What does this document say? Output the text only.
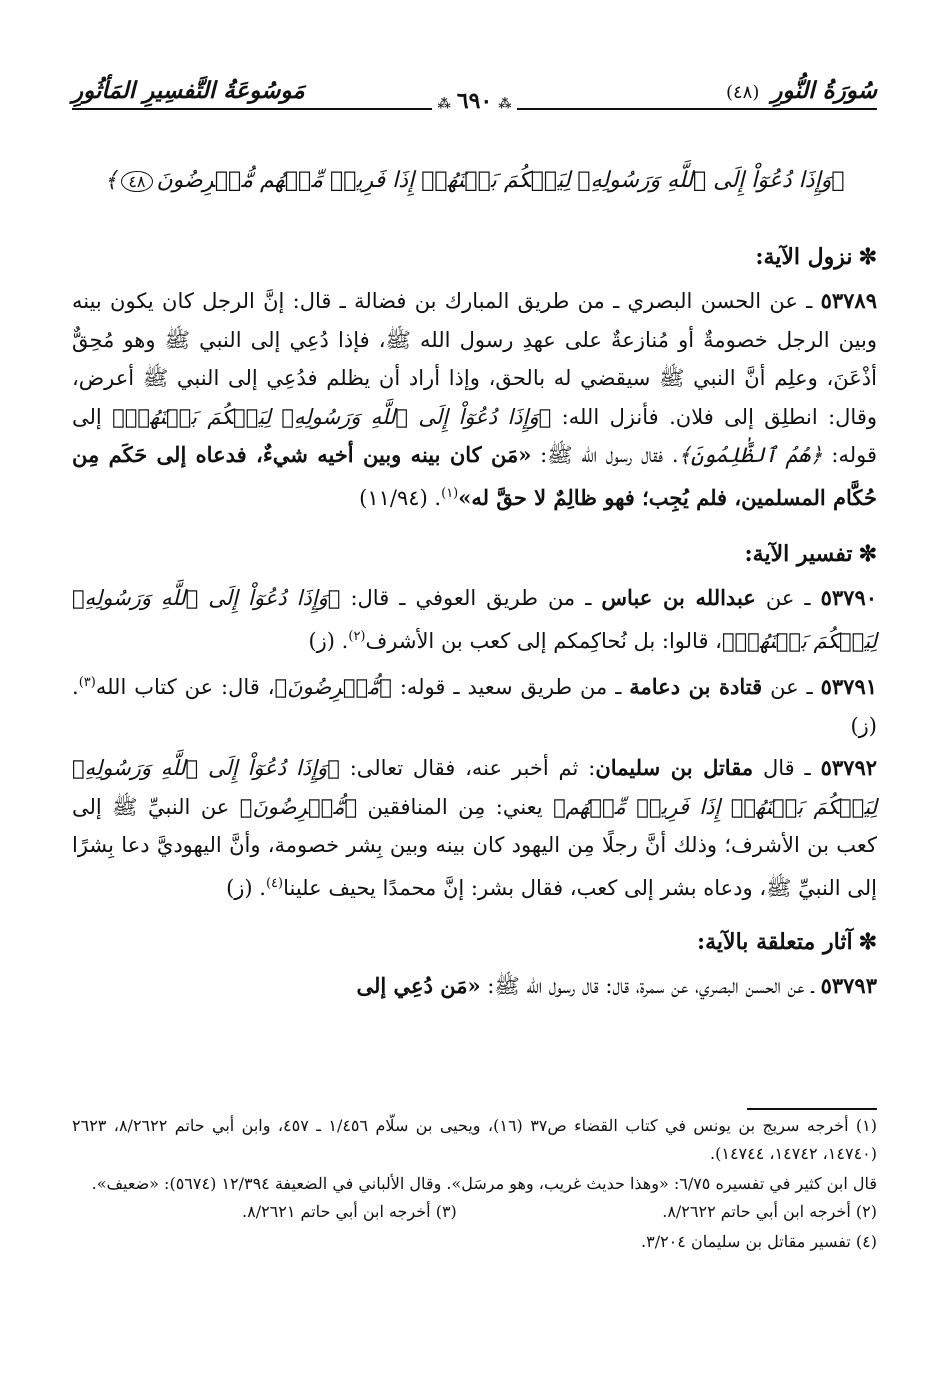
سُورَةُ النُّورِ(٤٨)
مَوسُوعَةُ التَّفسِيرِ المَأثُورِ
⁂٦٩٠⁂
﴿وَإِذَا دُعُوٓاْ إِلَى ٱللَّهِ وَرَسُولِهِۦ لِيَحۡكُمَ بَيۡنَهُمۡ إِذَا فَرِيقٞ مِّنۡهُم مُّعۡرِضُونَ٤٨﴾
✼نزول الآية:

٥٣٧٨٩ ـ عن الحسن البصري ـ من طريق المبارك بن فضالة ـ قال: إنَّ الرجل كان يكون بينه وبين الرجل خصومةٌ أو مُنازعةٌ على عهدِ رسول الله ﷺ، فإذا دُعِي إلى النبي ﷺ وهو مُحِقٌّ أذْعَنَ، وعلِم أنَّ النبي ﷺ سيقضي له بالحق، وإذا أراد أن يظلم فدُعِي إلى النبي ﷺ أعرض، وقال: انطلِق إلى فلان. فأنزل الله: ﴿وَإِذَا دُعُوٓاْ إِلَى ٱللَّهِ وَرَسُولِهِۦ لِيَحۡكُمَ بَيۡنَهُمۡ﴾ إلى قوله: ﴿هُمُ ٱلظَّٰلِمُونَ﴾. فقال رسول الله ﷺ: «مَن كان بينه وبين أخيه شيءٌ، فدعاه إلى حَكَم مِن حُكَّام المسلمين، فلم يُجِب؛ فهو ظالِمٌ لا حقَّ له»$^{(١)}$. (١١/٩٤)

✼تفسير الآية:

٥٣٧٩٠ ـ عن عبدالله بن عباس ـ من طريق العوفي ـ قال: ﴿وَإِذَا دُعُوٓاْ إِلَى ٱللَّهِ وَرَسُولِهِۦ لِيَحۡكُمَ بَيۡنَهُمۡ﴾، قالوا: بل نُحاكِمكم إلى كعب بن الأشرف$^{(٢)}$. (ز)

٥٣٧٩١ ـ عن قتادة بن دعامة ـ من طريق سعيد ـ قوله: ﴿مُّعۡرِضُونَ﴾، قال: عن كتاب الله$^{(٣)}$. (ز)

٥٣٧٩٢ ـ قال مقاتل بن سليمان: ثم أخبر عنه، فقال تعالى: ﴿وَإِذَا دُعُوٓاْ إِلَى ٱللَّهِ وَرَسُولِهِۦ لِيَحۡكُمَ بَيۡنَهُمۡ إِذَا فَرِيقٞ مِّنۡهُم﴾ يعني: مِن المنافقين ﴿مُّعۡرِضُونَ﴾ عن النبيِّ ﷺ إلى كعب بن الأشرف؛ وذلك أنَّ رجلًا مِن اليهود كان بينه وبين بِشر خصومة، وأنَّ اليهوديَّ دعا بِشرًا إلى النبيِّ ﷺ، ودعاه بشر إلى كعب، فقال بشر: إنَّ محمدًا يحيف علينا$^{(٤)}$. (ز)

✼آثار متعلقة بالآية:

٥٣٧٩٣ ـ عن الحسن البصري، عن سمرة، قال: قال رسول الله ﷺ: «مَن دُعِي إلى

(١) أخرجه سريج بن يونس في كتاب القضاء ص٣٧ (١٦)، ويحيى بن سلّام ١/٤٥٦ ـ ٤٥٧، وابن أبي حاتم ٨/٢٦٢٢، ٢٦٢٣ (١٤٧٤٠، ١٤٧٤٢، ١٤٧٤٤).

قال ابن كثير في تفسيره ٦/٧٥: «وهذا حديث غريب، وهو مرسَل». وقال الألباني في الضعيفة ١٢/٣٩٤ (٥٦٧٤): «ضعيف».

(٢) أخرجه ابن أبي حاتم ٨/٢٦٢٢.
(٣) أخرجه ابن أبي حاتم ٨/٢٦٢١.

(٤) تفسير مقاتل بن سليمان ٣/٢٠٤.
